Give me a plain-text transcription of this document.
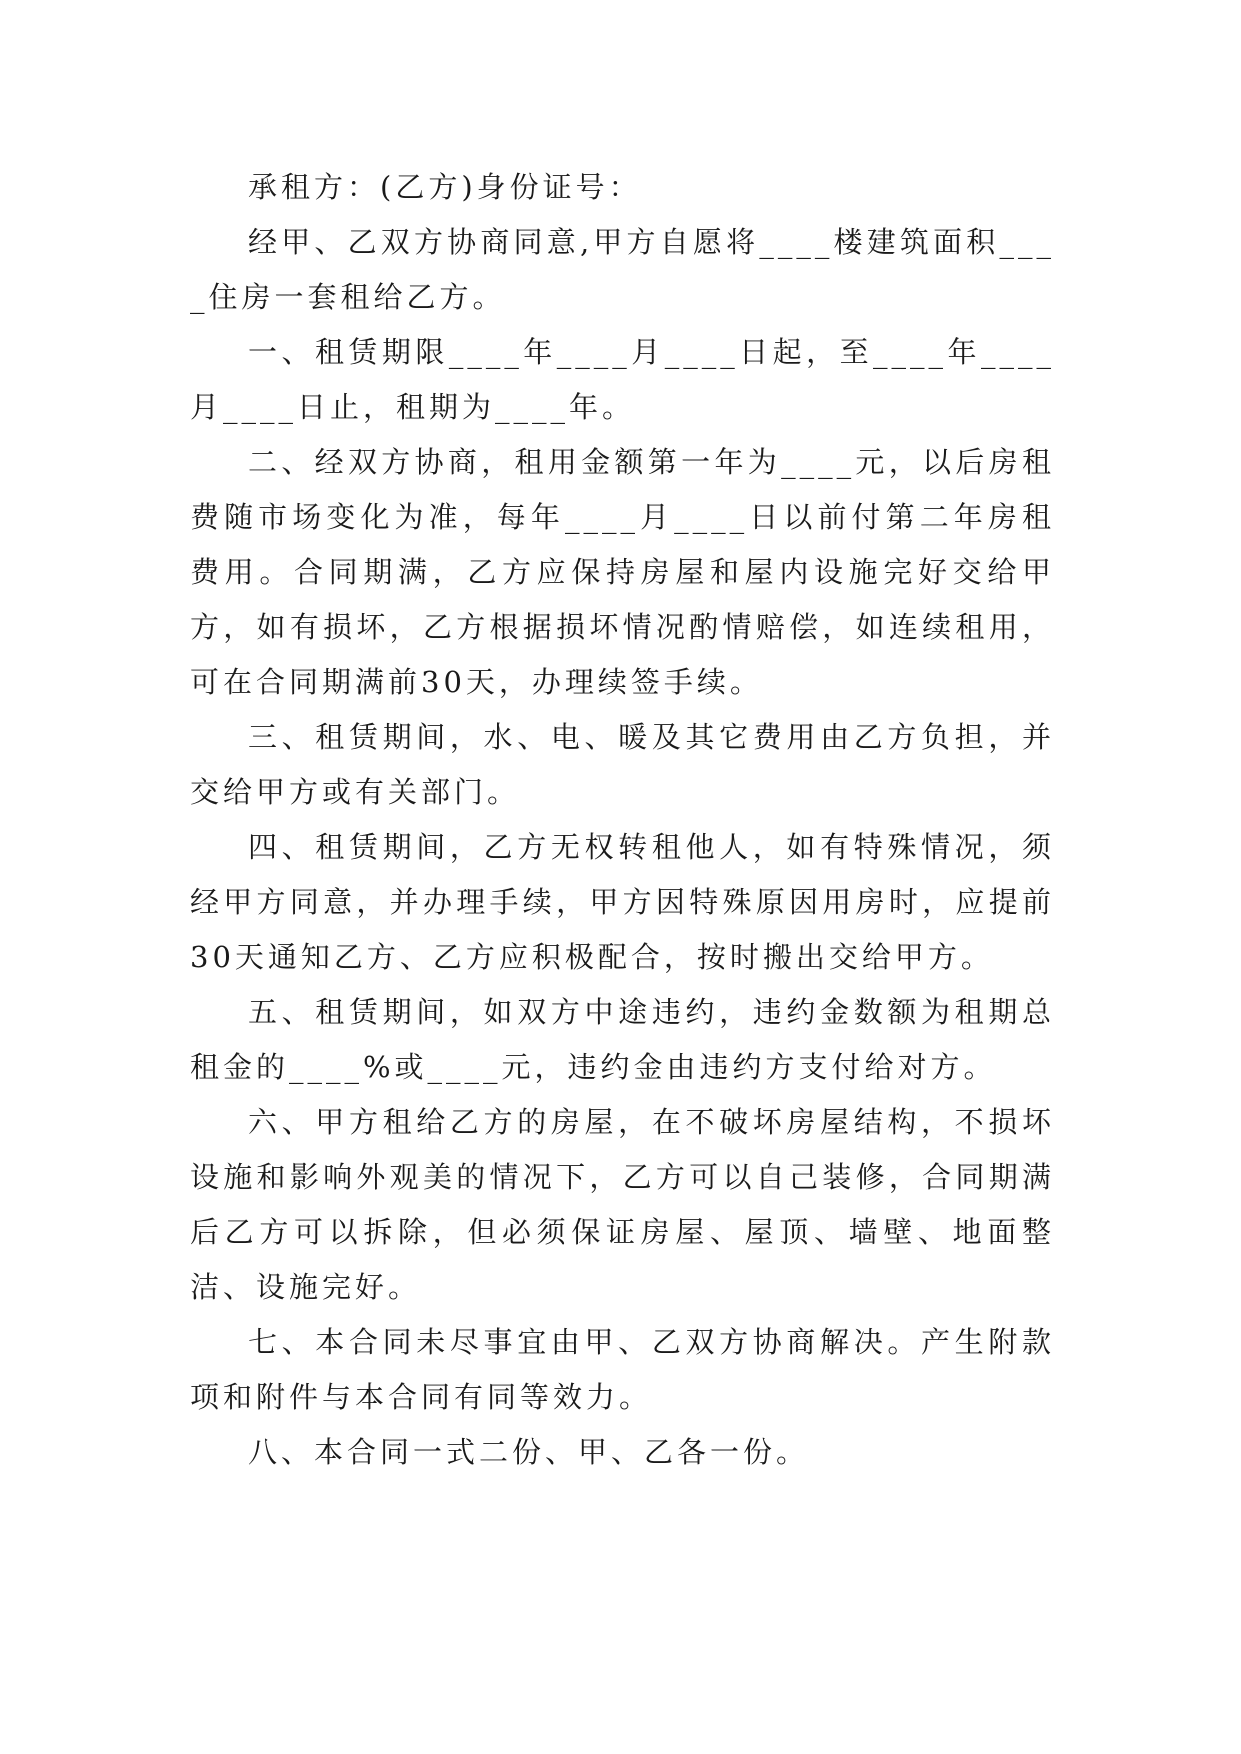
承租方：(乙方)身份证号：

经甲、乙双方协商同意,甲方自愿将____楼建筑面积____住房一套租给乙方。

一、租赁期限____年____月____日起，至____年____月____日止，租期为____年。

二、经双方协商，租用金额第一年为____元，以后房租费随市场变化为准，每年____月____日以前付第二年房租费用。合同期满，乙方应保持房屋和屋内设施完好交给甲方，如有损坏，乙方根据损坏情况酌情赔偿，如连续租用，可在合同期满前30天，办理续签手续。

三、租赁期间，水、电、暖及其它费用由乙方负担，并交给甲方或有关部门。

四、租赁期间，乙方无权转租他人，如有特殊情况，须经甲方同意，并办理手续，甲方因特殊原因用房时，应提前30天通知乙方、乙方应积极配合，按时搬出交给甲方。

五、租赁期间，如双方中途违约，违约金数额为租期总租金的____%或____元，违约金由违约方支付给对方。

六、甲方租给乙方的房屋，在不破坏房屋结构，不损坏设施和影响外观美的情况下，乙方可以自己装修，合同期满后乙方可以拆除，但必须保证房屋、屋顶、墙壁、地面整洁、设施完好。

七、本合同未尽事宜由甲、乙双方协商解决。产生附款项和附件与本合同有同等效力。

八、本合同一式二份、甲、乙各一份。
